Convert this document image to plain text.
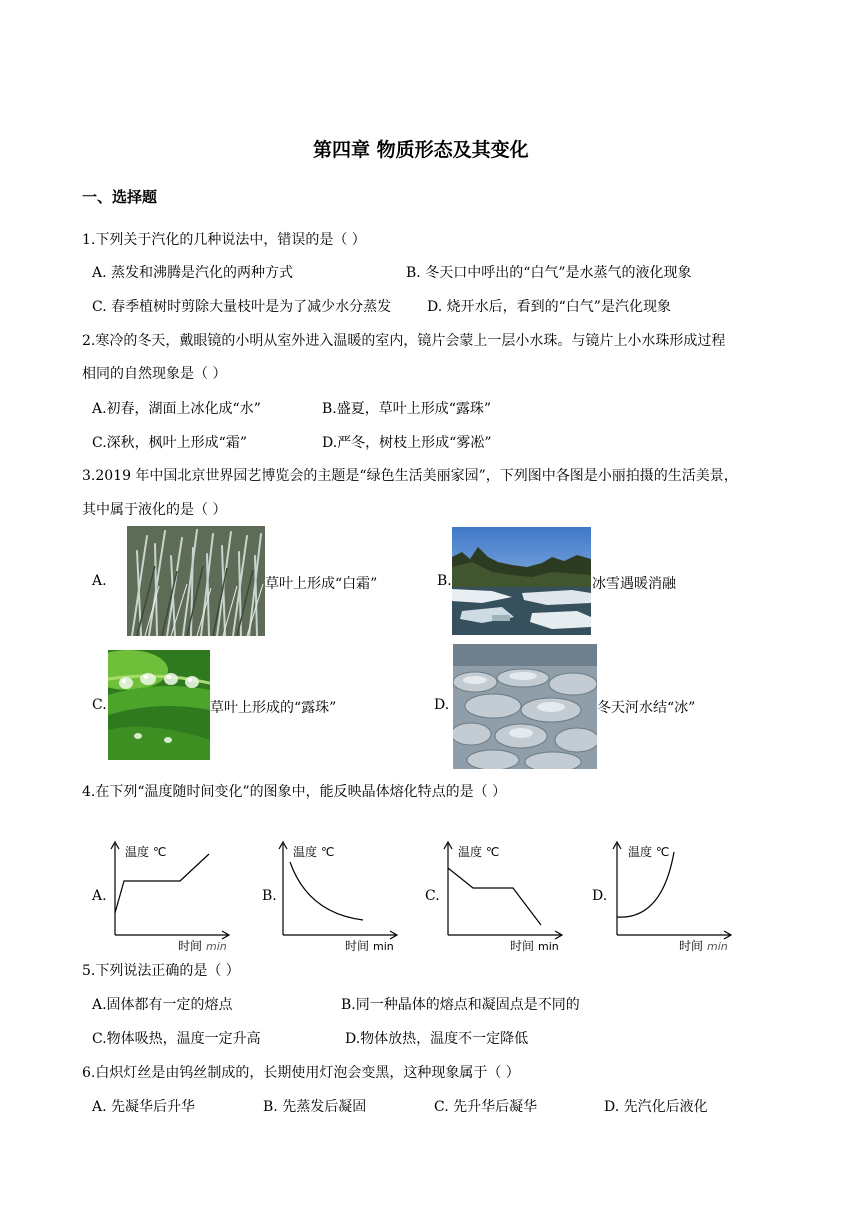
第四章 物质形态及其变化
一、选择题
1.下列关于汽化的几种说法中，错误的是（ ）
A. 蒸发和沸腾是汽化的两种方式	B. 冬天口中呼出的“白气”是水蒸气的液化现象
C. 春季植树时剪除大量枝叶是为了减少水分蒸发	D. 烧开水后，看到的“白气”是汽化现象
2.寒冷的冬天，戴眼镜的小明从室外进入温暖的室内，镜片会蒙上一层小水珠。与镜片上小水珠形成过程
相同的自然现象是（ ）
A.初春，湖面上冰化成“水”	B.盛夏，草叶上形成“露珠”
C.深秋，枫叶上形成“霜”	D.严冬，树枝上形成“雾凇”
3.2019 年中国北京世界园艺博览会的主题是“绿色生活美丽家园”，下列图中各图是小丽拍摄的生活美景，
其中属于液化的是（ ）
A.	草叶上形成“白霜”	B.	冰雪遇暖消融
C.	草叶上形成的“露珠”	D.	冬天河水结“冰”
4.在下列“温度随时间变化”的图象中，能反映晶体熔化特点的是（ ）
A.
温度 ℃
时间 min
B.
温度 ℃
时间 min
C.
温度 ℃
时间 min
D.
温度 ℃
时间 min
5.下列说法正确的是（ ）
A.固体都有一定的熔点	B.同一种晶体的熔点和凝固点是不同的
C.物体吸热，温度一定升高	D.物体放热，温度不一定降低
6.白炽灯丝是由钨丝制成的，长期使用灯泡会变黑，这种现象属于（ ）
A. 先凝华后升华	B. 先蒸发后凝固	C. 先升华后凝华	D. 先汽化后液化
